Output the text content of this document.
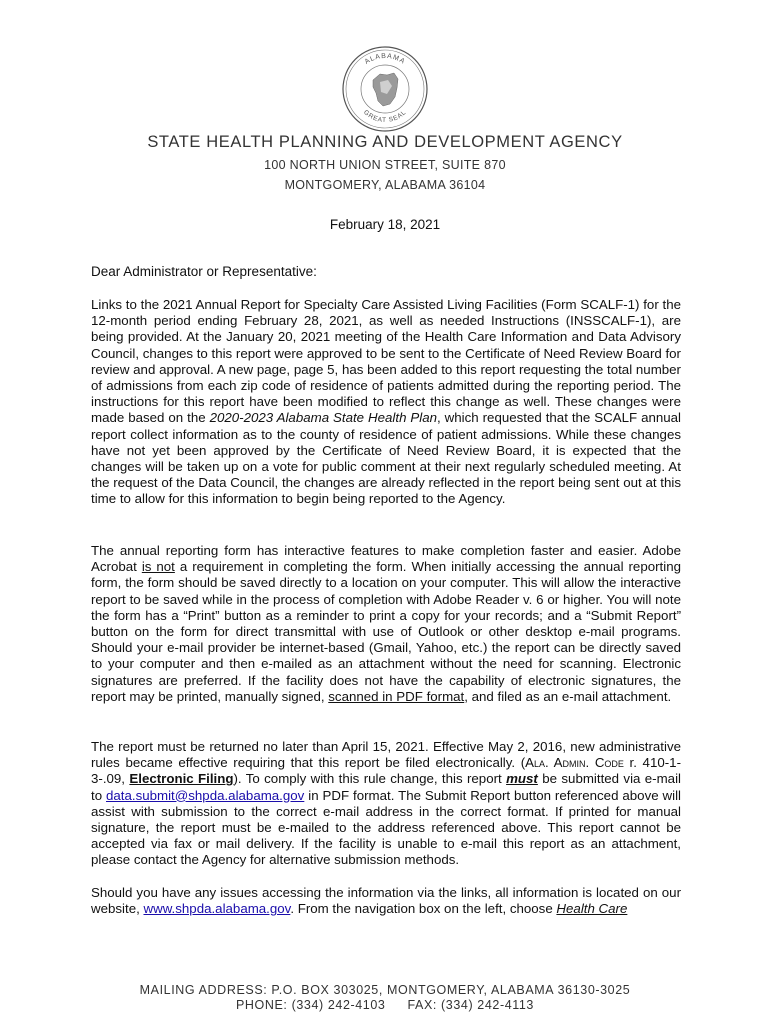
ALABAMA
GREAT SEAL
STATE HEALTH PLANNING AND DEVELOPMENT AGENCY
100 NORTH UNION STREET, SUITE 870
MONTGOMERY, ALABAMA 36104
February 18, 2021
Dear Administrator or Representative:

Links to the 2021 Annual Report for Specialty Care Assisted Living Facilities (Form SCALF-1) for the 12-month period ending February 28, 2021, as well as needed Instructions (INSSCALF-1), are being provided. At the January 20, 2021 meeting of the Health Care Information and Data Advisory Council, changes to this report were approved to be sent to the Certificate of Need Review Board for review and approval. A new page, page 5, has been added to this report requesting the total number of admissions from each zip code of residence of patients admitted during the reporting period. The instructions for this report have been modified to reflect this change as well. These changes were made based on the 2020-2023 Alabama State Health Plan, which requested that the SCALF annual report collect information as to the county of residence of patient admissions. While these changes have not yet been approved by the Certificate of Need Review Board, it is expected that the changes will be taken up on a vote for public comment at their next regularly scheduled meeting. At the request of the Data Council, the changes are already reflected in the report being sent out at this time to allow for this information to begin being reported to the Agency.

The annual reporting form has interactive features to make completion faster and easier. Adobe Acrobat is not a requirement in completing the form. When initially accessing the annual reporting form, the form should be saved directly to a location on your computer. This will allow the interactive report to be saved while in the process of completion with Adobe Reader v. 6 or higher. You will note the form has a “Print” button as a reminder to print a copy for your records; and a “Submit Report” button on the form for direct transmittal with use of Outlook or other desktop e-mail programs. Should your e-mail provider be internet-based (Gmail, Yahoo, etc.) the report can be directly saved to your computer and then e-mailed as an attachment without the need for scanning. Electronic signatures are preferred. If the facility does not have the capability of electronic signatures, the report may be printed, manually signed, scanned in PDF format, and filed as an e-mail attachment.

The report must be returned no later than April 15, 2021. Effective May 2, 2016, new administrative rules became effective requiring that this report be filed electronically. (Ala. Admin. Code r. 410-1-3-.09, Electronic Filing). To comply with this rule change, this report must be submitted via e-mail to data.submit@shpda.alabama.gov in PDF format. The Submit Report button referenced above will assist with submission to the correct e-mail address in the correct format. If printed for manual signature, the report must be e-mailed to the address referenced above. This report cannot be accepted via fax or mail delivery. If the facility is unable to e-mail this report as an attachment, please contact the Agency for alternative submission methods.

Should you have any issues accessing the information via the links, all information is located on our website, www.shpda.alabama.gov. From the navigation box on the left, choose Health Care

MAILING ADDRESS: P.O. BOX 303025, MONTGOMERY, ALABAMA 36130-3025
PHONE: (334) 242-4103 FAX: (334) 242-4113
